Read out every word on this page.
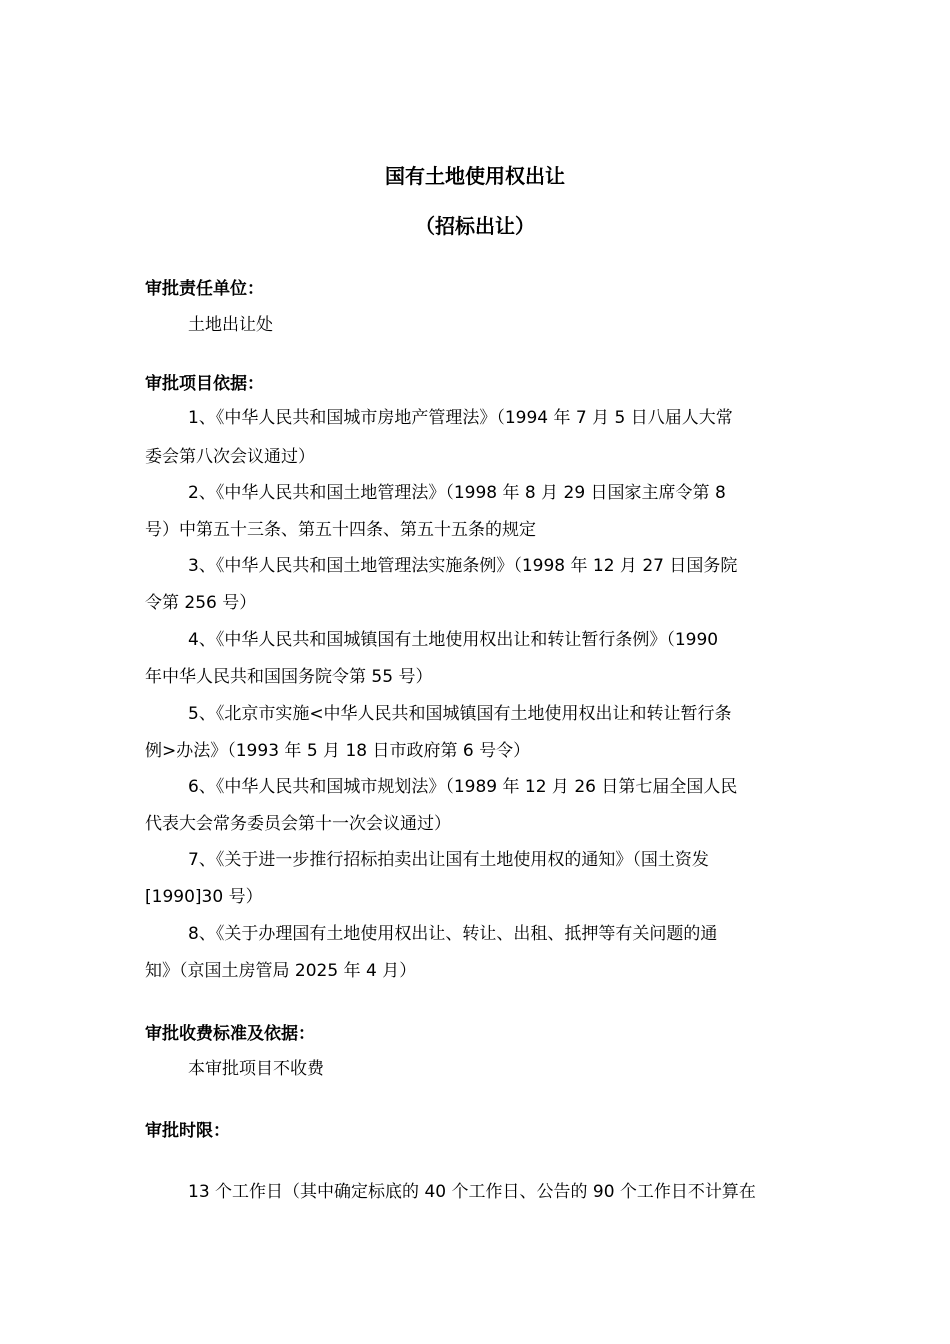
国有土地使用权出让
（招标出让）
审批责任单位：
土地出让处
审批项目依据：
1、《中华人民共和国城市房地产管理法》（1994 年 7 月 5 日八届人大常
委会第八次会议通过）
2、《中华人民共和国土地管理法》（1998 年 8 月 29 日国家主席令第 8
号）中第五十三条、第五十四条、第五十五条的规定
3、《中华人民共和国土地管理法实施条例》（1998 年 12 月 27 日国务院
令第 256 号）
4、《中华人民共和国城镇国有土地使用权出让和转让暂行条例》（1990
年中华人民共和国国务院令第 55 号）
5、《北京市实施<中华人民共和国城镇国有土地使用权出让和转让暂行条
例>办法》（1993 年 5 月 18 日市政府第 6 号令）
6、《中华人民共和国城市规划法》（1989 年 12 月 26 日第七届全国人民
代表大会常务委员会第十一次会议通过）
7、《关于进一步推行招标拍卖出让国有土地使用权的通知》（国土资发
[1990]30 号）
8、《关于办理国有土地使用权出让、转让、出租、抵押等有关问题的通
知》（京国土房管局 2025 年 4 月）
审批收费标准及依据：
本审批项目不收费
审批时限：
13 个工作日（其中确定标底的 40 个工作日、公告的 90 个工作日不计算在
